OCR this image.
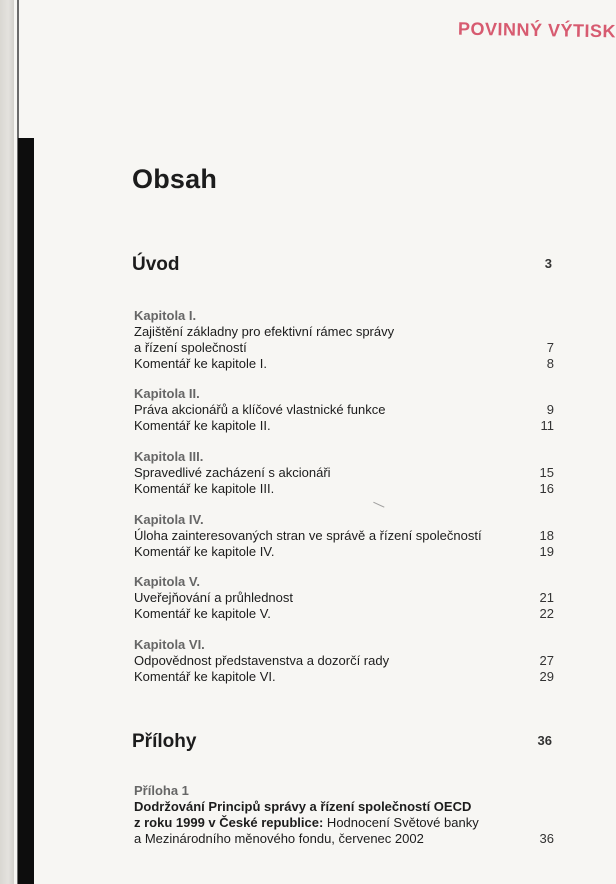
POVINNÝ VÝTISK
Obsah
Úvod	3
Kapitola I.
Zajištění základny pro efektivní rámec správy
a řízení společností	7
Komentář ke kapitole I.	8
Kapitola II.
Práva akcionářů a klíčové vlastnické funkce	9
Komentář ke kapitole II.	11
Kapitola III.
Spravedlivé zacházení s akcionáři	15
Komentář ke kapitole III.	16
Kapitola IV.
Úloha zainteresovaných stran ve správě a řízení společností	18
Komentář ke kapitole IV.	19
Kapitola V.
Uveřejňování a průhlednost	21
Komentář ke kapitole V.	22
Kapitola VI.
Odpovědnost představenstva a dozorčí rady	27
Komentář ke kapitole VI.	29
Přílohy	36
Příloha 1
Dodržování Principů správy a řízení společností OECD
z roku 1999 v České republice: Hodnocení Světové banky
a Mezinárodního měnového fondu, červenec 2002	36
